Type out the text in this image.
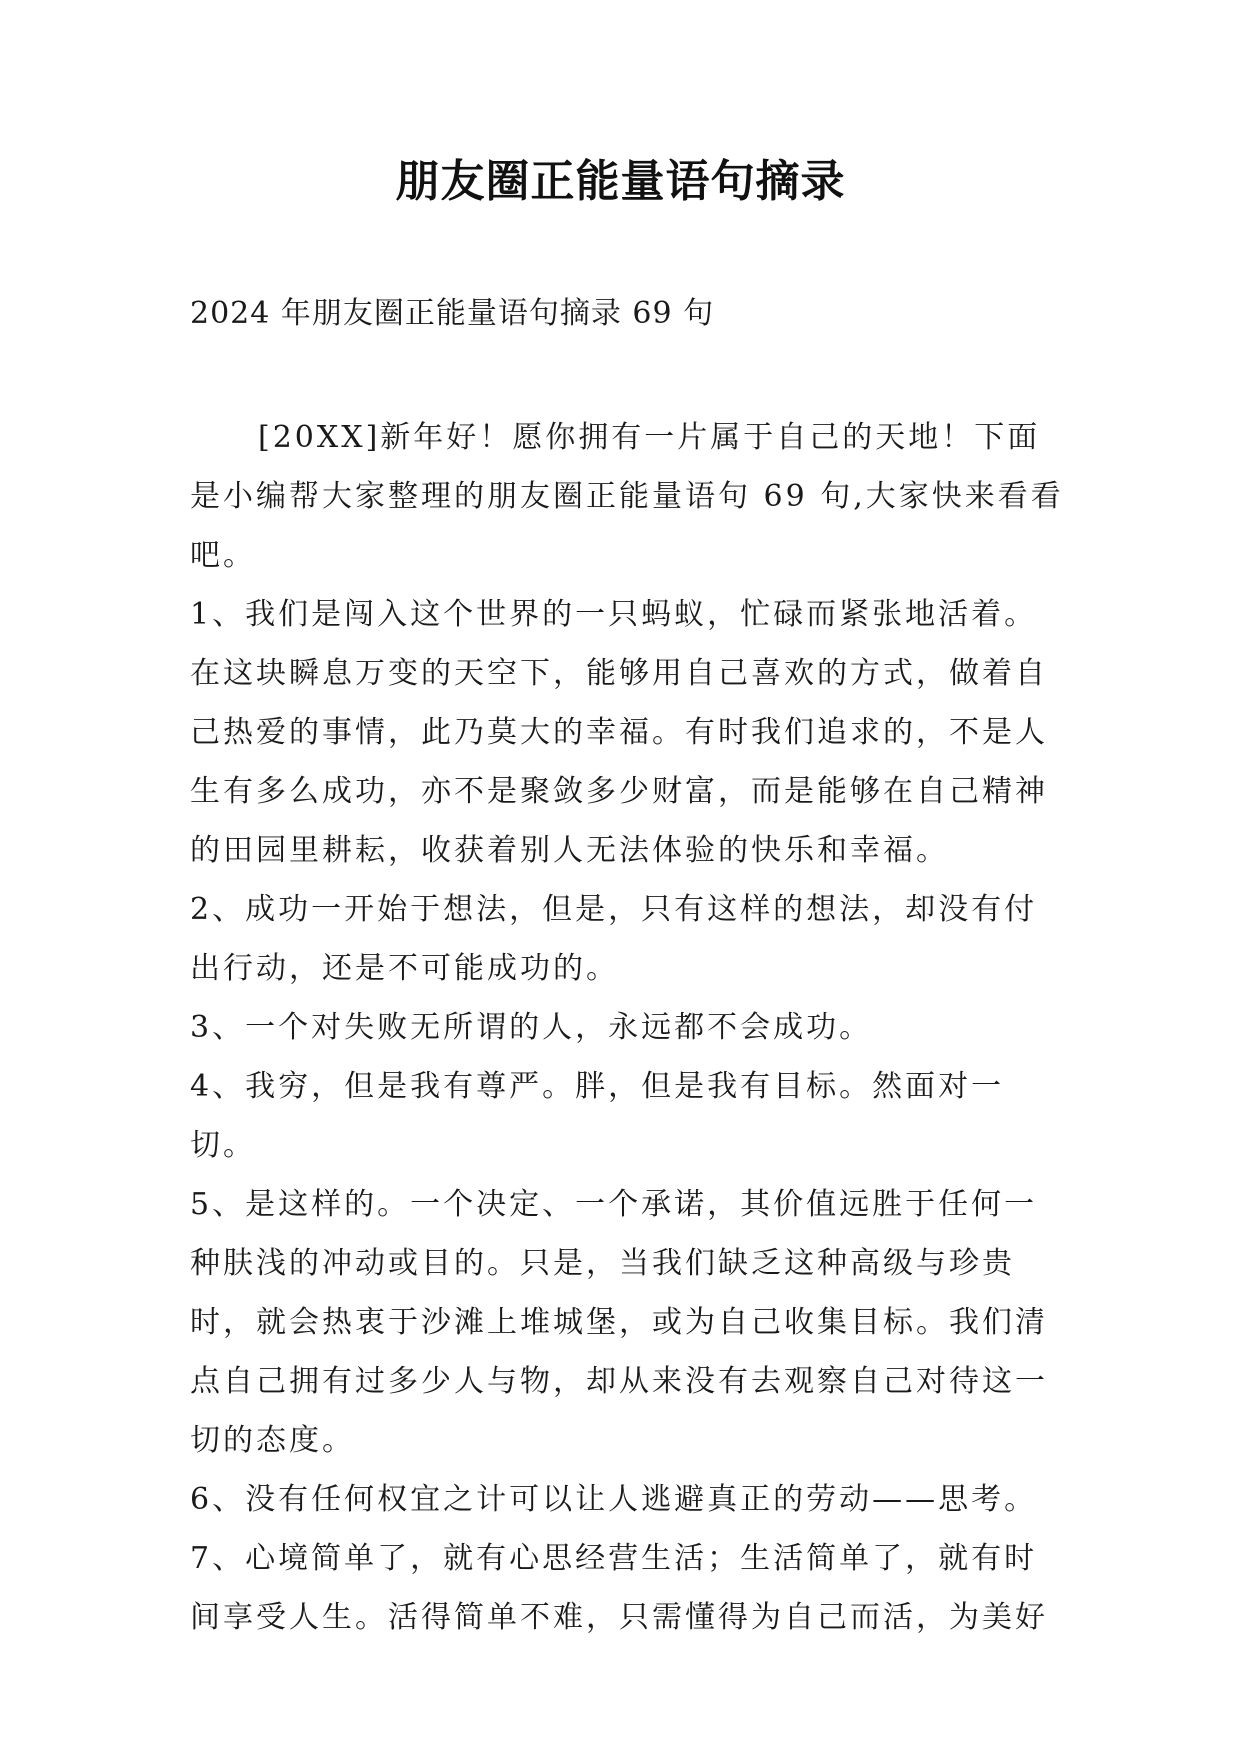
朋友圈正能量语句摘录
2024 年朋友圈正能量语句摘录 69 句

[20XX]新年好！愿你拥有一片属于自己的天地！下面是小编帮大家整理的朋友圈正能量语句 69 句,大家快来看看吧。

1、我们是闯入这个世界的一只蚂蚁，忙碌而紧张地活着。在这块瞬息万变的天空下，能够用自己喜欢的方式，做着自己热爱的事情，此乃莫大的幸福。有时我们追求的，不是人生有多么成功，亦不是聚敛多少财富，而是能够在自己精神的田园里耕耘，收获着别人无法体验的快乐和幸福。

2、成功一开始于想法，但是，只有这样的想法，却没有付出行动，还是不可能成功的。

3、一个对失败无所谓的人，永远都不会成功。

4、我穷，但是我有尊严。胖，但是我有目标。然面对一切。

5、是这样的。一个决定、一个承诺，其价值远胜于任何一种肤浅的冲动或目的。只是，当我们缺乏这种高级与珍贵时，就会热衷于沙滩上堆城堡，或为自己收集目标。我们清点自己拥有过多少人与物，却从来没有去观察自己对待这一切的态度。

6、没有任何权宜之计可以让人逃避真正的劳动——思考。

7、心境简单了，就有心思经营生活；生活简单了，就有时间享受人生。活得简单不难，只需懂得为自己而活，为美好
